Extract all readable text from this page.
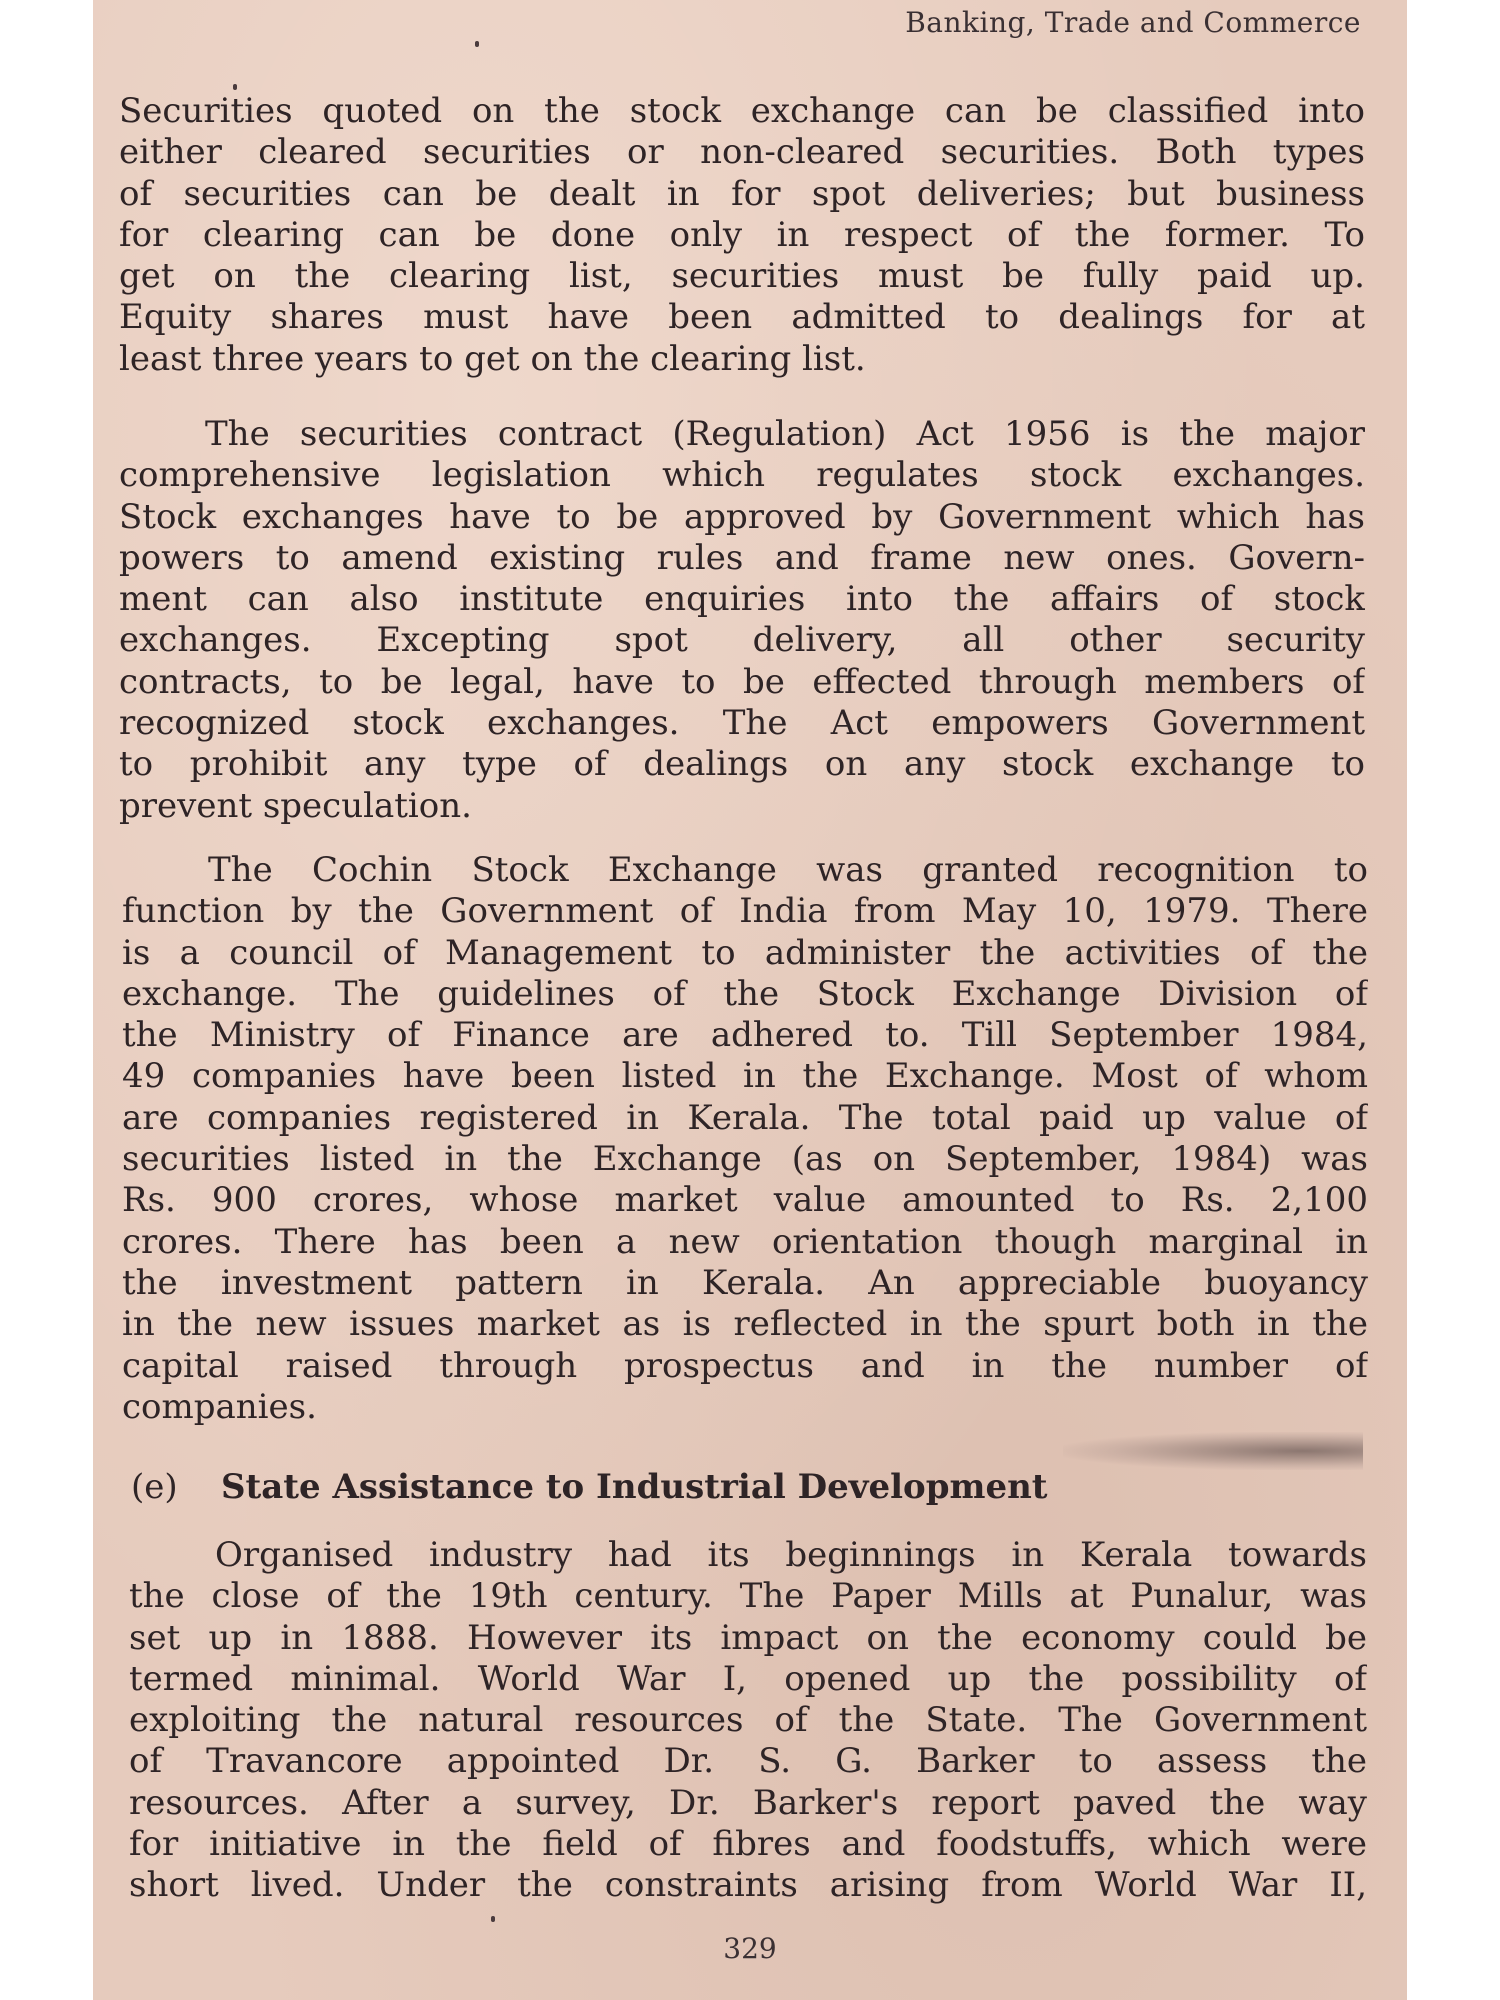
Banking, Trade and Commerce
Securities quoted on the stock exchange can be classified into
either cleared securities or non-cleared securities. Both types
of securities can be dealt in for spot deliveries; but business
for clearing can be done only in respect of the former. To
get on the clearing list, securities must be fully paid up.
Equity shares must have been admitted to dealings for at
least three years to get on the clearing list.
The securities contract (Regulation) Act 1956 is the major
comprehensive legislation which regulates stock exchanges.
Stock exchanges have to be approved by Government which has
powers to amend existing rules and frame new ones. Govern-
ment can also institute enquiries into the affairs of stock
exchanges. Excepting spot delivery, all other security
contracts, to be legal, have to be effected through members of
recognized stock exchanges. The Act empowers Government
to prohibit any type of dealings on any stock exchange to
prevent speculation.
The Cochin Stock Exchange was granted recognition to
function by the Government of India from May 10, 1979. There
is a council of Management to administer the activities of the
exchange. The guidelines of the Stock Exchange Division of
the Ministry of Finance are adhered to. Till September 1984,
49 companies have been listed in the Exchange. Most of whom
are companies registered in Kerala. The total paid up value of
securities listed in the Exchange (as on September, 1984) was
Rs. 900 crores, whose market value amounted to Rs. 2,100
crores. There has been a new orientation though marginal in
the investment pattern in Kerala. An appreciable buoyancy
in the new issues market as is reflected in the spurt both in the
capital raised through prospectus and in the number of
companies.
(e) State Assistance to Industrial Development
Organised industry had its beginnings in Kerala towards
the close of the 19th century. The Paper Mills at Punalur, was
set up in 1888. However its impact on the economy could be
termed minimal. World War I, opened up the possibility of
exploiting the natural resources of the State. The Government
of Travancore appointed Dr. S. G. Barker to assess the
resources. After a survey, Dr. Barker's report paved the way
for initiative in the field of fibres and foodstuffs, which were
short lived. Under the constraints arising from World War II,
329
